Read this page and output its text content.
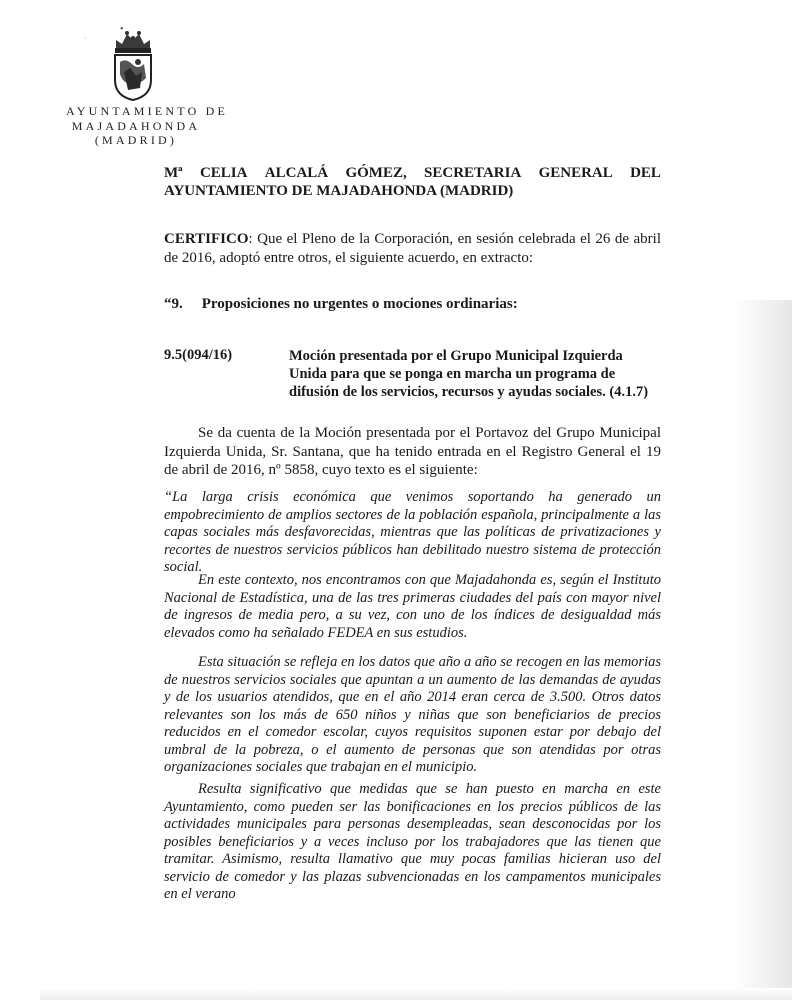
•
·
AYUNTAMIENTO DE
MAJADAHONDA
(MADRID)
Mª CELIA ALCALÁ GÓMEZ, SECRETARIA GENERAL DEL
AYUNTAMIENTO DE MAJADAHONDA (MADRID)
CERTIFICO: Que el Pleno de la Corporación, en sesión celebrada el 26 de abril de 2016, adoptó entre otros, el siguiente acuerdo, en extracto:
“9. Proposiciones no urgentes o mociones ordinarias:
9.5(094/16)	Moción presentada por el Grupo Municipal Izquierda Unida para que se ponga en marcha un programa de difusión de los servicios, recursos y ayudas sociales. (4.1.7)
Se da cuenta de la Moción presentada por el Portavoz del Grupo Municipal Izquierda Unida, Sr. Santana, que ha tenido entrada en el Registro General el 19 de abril de 2016, nº 5858, cuyo texto es el siguiente:
“La larga crisis económica que venimos soportando ha generado un empobrecimiento de amplios sectores de la población española, principalmente a las capas sociales más desfavorecidas, mientras que las políticas de privatizaciones y recortes de nuestros servicios públicos han debilitado nuestro sistema de protección social.
En este contexto, nos encontramos con que Majadahonda es, según el Instituto Nacional de Estadística, una de las tres primeras ciudades del país con mayor nivel de ingresos de media pero, a su vez, con uno de los índices de desigualdad más elevados como ha señalado FEDEA en sus estudios.
Esta situación se refleja en los datos que año a año se recogen en las memorias de nuestros servicios sociales que apuntan a un aumento de las demandas de ayudas y de los usuarios atendidos, que en el año 2014 eran cerca de 3.500. Otros datos relevantes son los más de 650 niños y niñas que son beneficiarios de precios reducidos en el comedor escolar, cuyos requisitos suponen estar por debajo del umbral de la pobreza, o el aumento de personas que son atendidas por otras organizaciones sociales que trabajan en el municipio.
Resulta significativo que medidas que se han puesto en marcha en este Ayuntamiento, como pueden ser las bonificaciones en los precios públicos de las actividades municipales para personas desempleadas, sean desconocidas por los posibles beneficiarios y a veces incluso por los trabajadores que las tienen que tramitar. Asimismo, resulta llamativo que muy pocas familias hicieran uso del servicio de comedor y las plazas subvencionadas en los campamentos municipales en el verano
